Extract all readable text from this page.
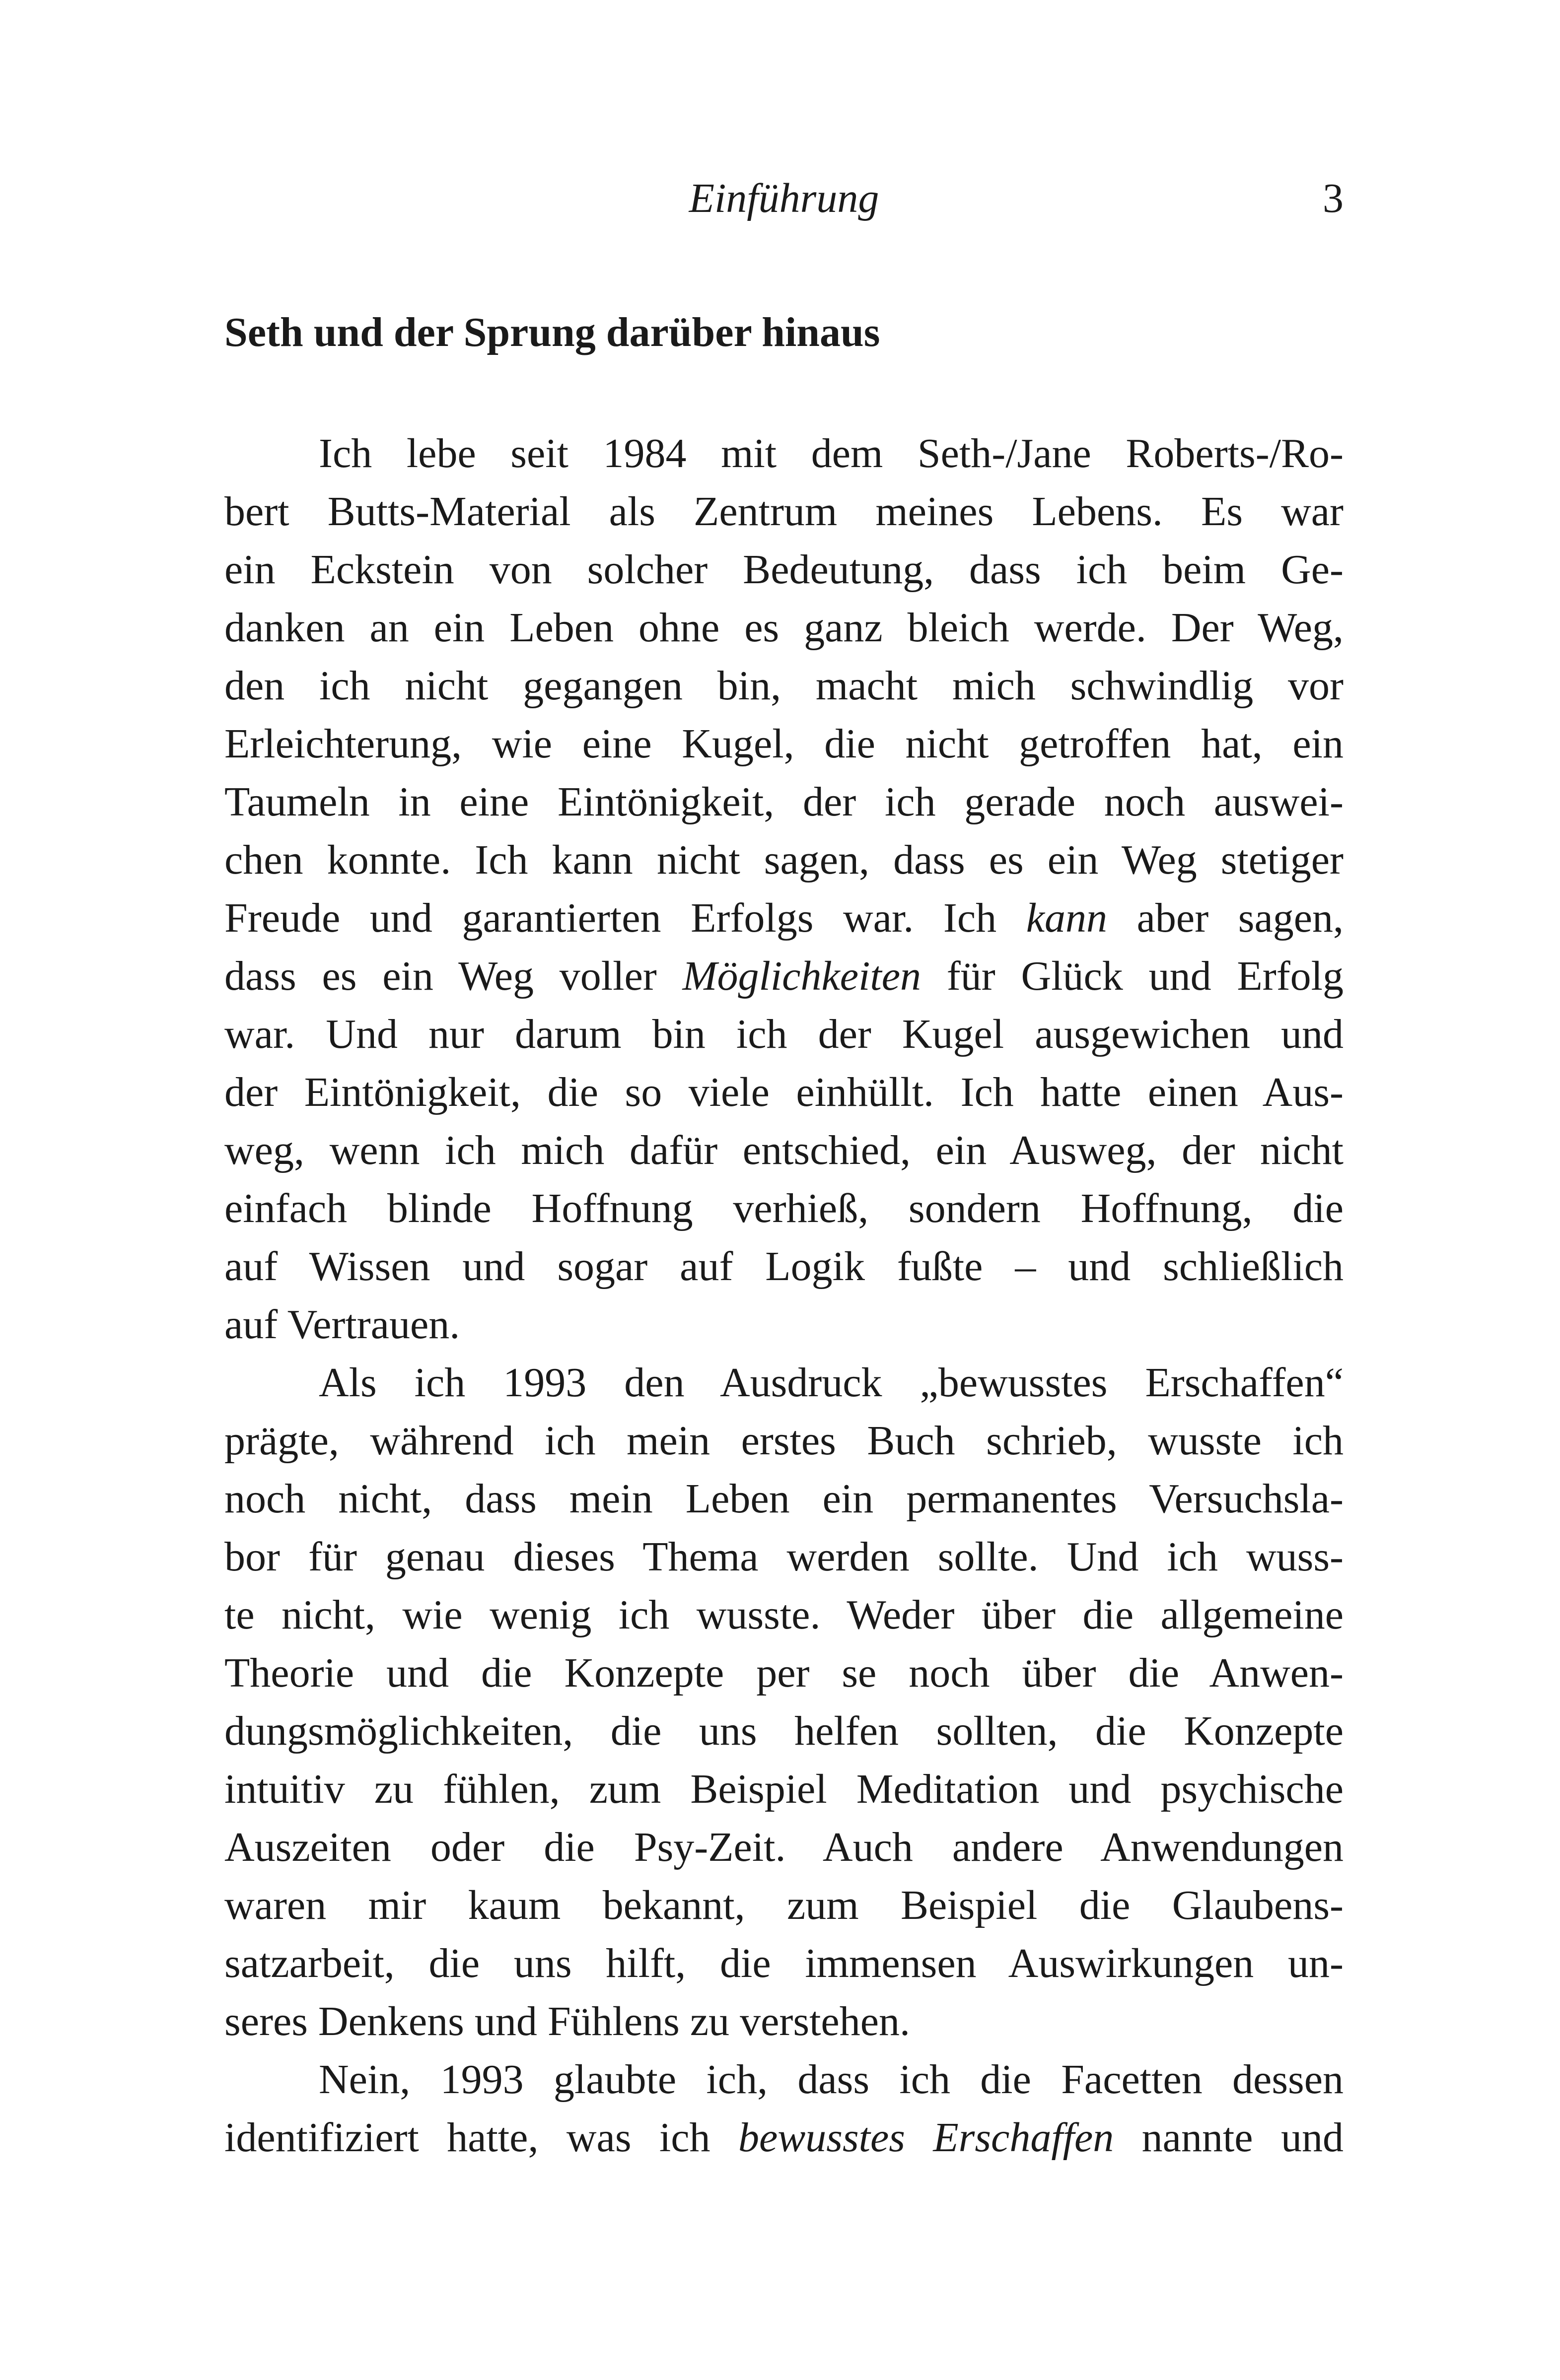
Einführung	3
Seth und der Sprung darüber hinaus
Ich lebe seit 1984 mit dem Seth-/Jane Roberts-/Ro-
bert Butts-Material als Zentrum meines Lebens. Es war
ein Eckstein von solcher Bedeutung, dass ich beim Ge-
danken an ein Leben ohne es ganz bleich werde. Der Weg,
den ich nicht gegangen bin, macht mich schwindlig vor
Erleichterung, wie eine Kugel, die nicht getroffen hat, ein
Taumeln in eine Eintönigkeit, der ich gerade noch auswei-
chen konnte. Ich kann nicht sagen, dass es ein Weg stetiger
Freude und garantierten Erfolgs war. Ich kann aber sagen,
dass es ein Weg voller Möglichkeiten für Glück und Erfolg
war. Und nur darum bin ich der Kugel ausgewichen und
der Eintönigkeit, die so viele einhüllt. Ich hatte einen Aus-
weg, wenn ich mich dafür entschied, ein Ausweg, der nicht
einfach blinde Hoffnung verhieß, sondern Hoffnung, die
auf Wissen und sogar auf Logik fußte – und schließlich
auf Vertrauen.
Als ich 1993 den Ausdruck „bewusstes Erschaffen“
prägte, während ich mein erstes Buch schrieb, wusste ich
noch nicht, dass mein Leben ein permanentes Versuchsla-
bor für genau dieses Thema werden sollte. Und ich wuss-
te nicht, wie wenig ich wusste. Weder über die allgemeine
Theorie und die Konzepte per se noch über die Anwen-
dungsmöglichkeiten, die uns helfen sollten, die Konzepte
intuitiv zu fühlen, zum Beispiel Meditation und psychische
Auszeiten oder die Psy-Zeit. Auch andere Anwendungen
waren mir kaum bekannt, zum Beispiel die Glaubens-
satzarbeit, die uns hilft, die immensen Auswirkungen un-
seres Denkens und Fühlens zu verstehen.
Nein, 1993 glaubte ich, dass ich die Facetten dessen
identifiziert hatte, was ich bewusstes Erschaffen nannte und
